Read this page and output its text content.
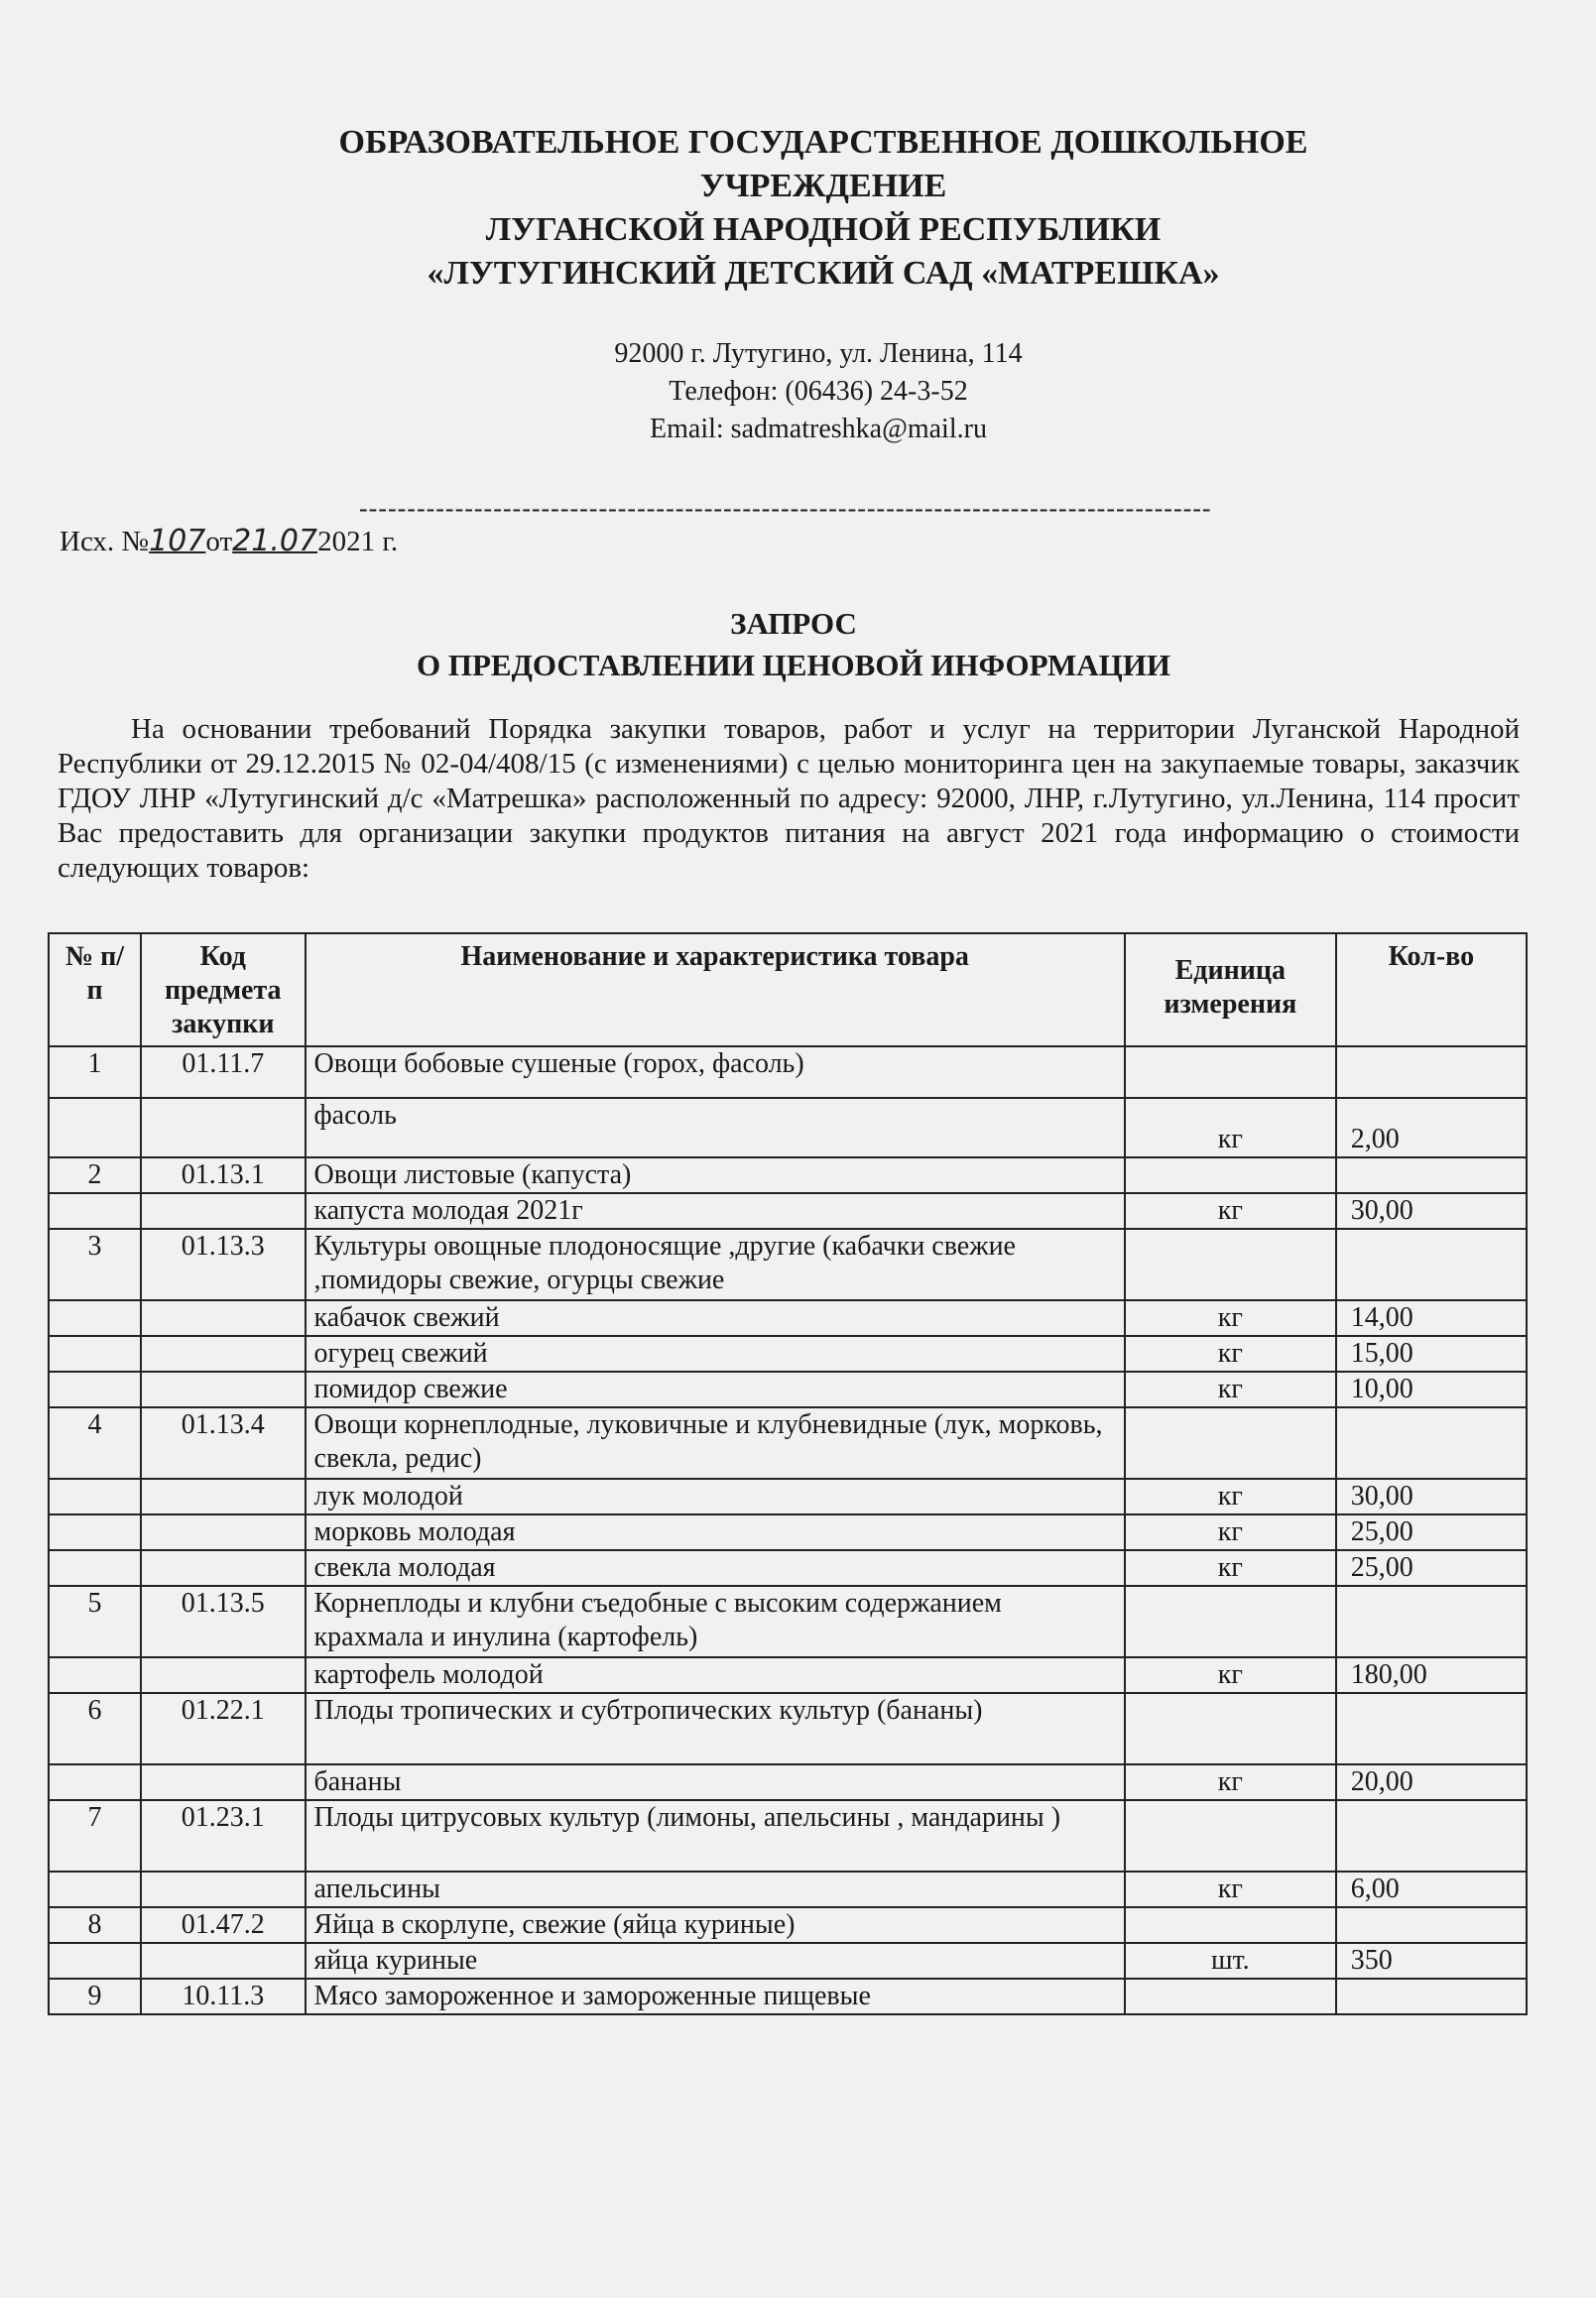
ОБРАЗОВАТЕЛЬНОЕ ГОСУДАРСТВЕННОЕ ДОШКОЛЬНОЕ
УЧРЕЖДЕНИЕ
ЛУГАНСКОЙ НАРОДНОЙ РЕСПУБЛИКИ
«ЛУТУГИНСКИЙ ДЕТСКИЙ САД «МАТРЕШКА»
92000 г. Лутугино, ул. Ленина, 114
Телефон: (06436) 24-3-52
Email: sadmatreshka@mail.ru
-----------------------------------------------------------------------------------------
Исх. №107от21.072021 г.
ЗАПРОС
О ПРЕДОСТАВЛЕНИИ ЦЕНОВОЙ ИНФОРМАЦИИ
На основании требований Порядка закупки товаров, работ и услуг на территории Луганской Народной Республики от 29.12.2015 № 02-04/408/15 (с изменениями) с целью мониторинга цен на закупаемые товары, заказчик ГДОУ ЛНР «Лутугинский д/с «Матрешка» расположенный по адресу: 92000, ЛНР, г.Лутугино, ул.Ленина, 114 просит Вас предоставить для организации закупки продуктов питания на август 2021 года информацию о стоимости следующих товаров:
№ п/п	Код предмета закупки	Наименование и характеристика товара	Единица измерения	Кол-во
1	01.11.7	Овощи бобовые сушеные (горох, фасоль)		
		фасоль	кг	2,00
2	01.13.1	Овощи листовые (капуста)		
		капуста молодая 2021г	кг	30,00
3	01.13.3	Культуры овощные плодоносящие ,другие (кабачки свежие ,помидоры свежие, огурцы свежие		
		кабачок свежий	кг	14,00
		огурец свежий	кг	15,00
		помидор свежие	кг	10,00
4	01.13.4	Овощи корнеплодные, луковичные и клубневидные (лук, морковь, свекла, редис)		
		лук молодой	кг	30,00
		морковь молодая	кг	25,00
		свекла молодая	кг	25,00
5	01.13.5	Корнеплоды и клубни съедобные с высоким содержанием крахмала и инулина (картофель)		
		картофель молодой	кг	180,00
6	01.22.1	Плоды тропических и субтропических культур (бананы)		
		бананы	кг	20,00
7	01.23.1	Плоды цитрусовых культур (лимоны, апельсины , мандарины )		
		апельсины	кг	6,00
8	01.47.2	Яйца в скорлупе, свежие (яйца куриные)		
		яйца куриные	шт.	350
9	10.11.3	Мясо замороженное и замороженные пищевые		
